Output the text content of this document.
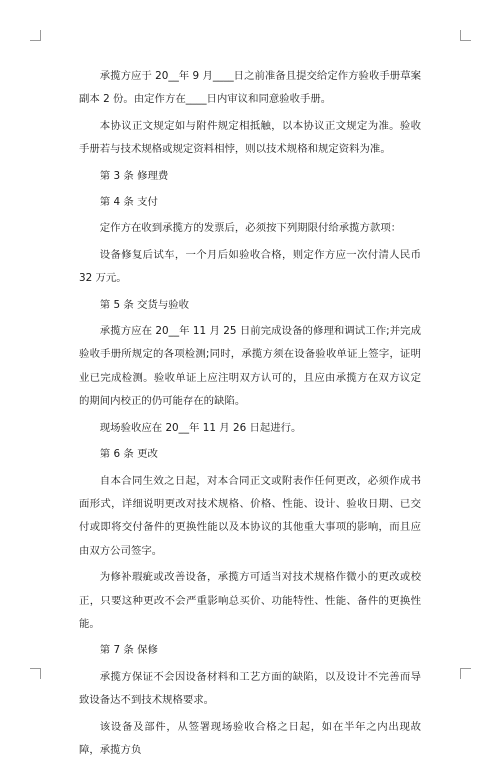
承揽方应于 20__年 9 月____日之前准备且提交给定作方验收手册草案副本 2 份。由定作方在____日内审议和同意验收手册。

本协议正文规定如与附件规定相抵触，以本协议正文规定为准。验收手册若与技术规格或规定资料相悖，则以技术规格和规定资料为准。

第 3 条 修理费

第 4 条 支付

定作方在收到承揽方的发票后，必须按下列期限付给承揽方款项：

设备修复后试车，一个月后如验收合格，则定作方应一次付清人民币 32 万元。

第 5 条 交货与验收

承揽方应在 20__年 11 月 25 日前完成设备的修理和调试工作;并完成验收手册所规定的各项检测;同时，承揽方须在设备验收单证上签字，证明业已完成检测。验收单证上应注明双方认可的，且应由承揽方在双方议定的期间内校正的仍可能存在的缺陷。

现场验收应在 20__年 11 月 26 日起进行。

第 6 条 更改

自本合同生效之日起，对本合同正文或附表作任何更改，必须作成书面形式，详细说明更改对技术规格、价格、性能、设计、验收日期、已交付或即将交付备件的更换性能以及本协议的其他重大事项的影响，而且应由双方公司签字。

为修补瑕疵或改善设备，承揽方可适当对技术规格作微小的更改或校正，只要这种更改不会严重影响总买价、功能特性、性能、备件的更换性能。

第 7 条 保修

承揽方保证不会因设备材料和工艺方面的缺陷，以及设计不完善而导致设备达不到技术规格要求。

该设备及部件，从签署现场验收合格之日起，如在半年之内出现故障，承揽方负
